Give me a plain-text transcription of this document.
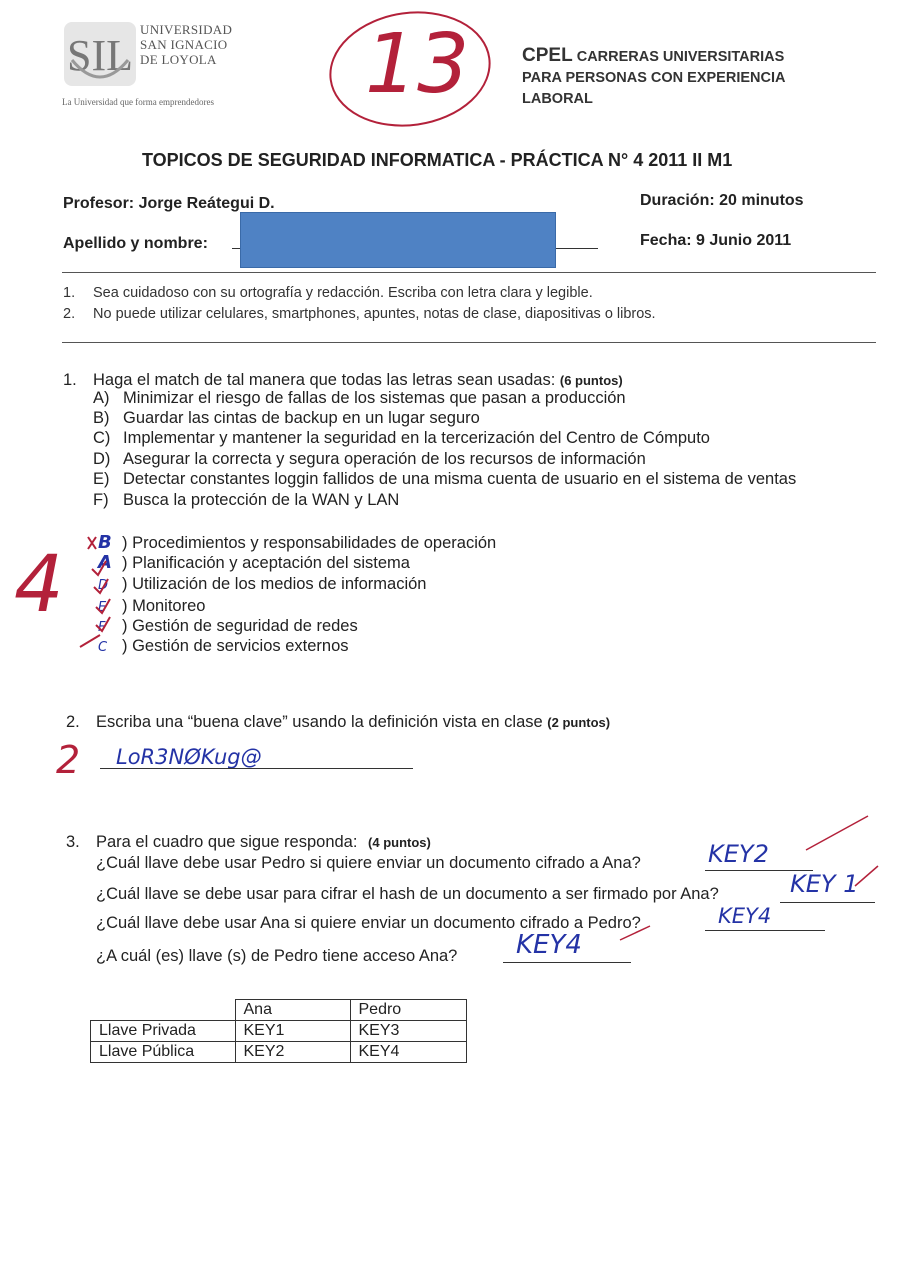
SIL
UNIVERSIDAD
SAN IGNACIO
DE LOYOLA
La Universidad que forma emprendedores 13	CPEL CARRERAS UNIVERSITARIAS
PARA PERSONAS CON EXPERIENCIA
LABORAL
TOPICOS DE SEGURIDAD INFORMATICA - PRÁCTICA N° 4 2011 II M1
Profesor: Jorge Reátegui D.	Duración: 20 minutos
Apellido y nombre:	Fecha: 9 Junio 2011
1. Sea cuidadoso con su ortografía y redacción. Escriba con letra clara y legible.
2. No puede utilizar celulares, smartphones, apuntes, notas de clase, diapositivas o libros.
1. Haga el match de tal manera que todas las letras sean usadas: (6 puntos)
A) Minimizar el riesgo de fallas de los sistemas que pasan a producción
B) Guardar las cintas de backup en un lugar seguro
C) Implementar y mantener la seguridad en la tercerización del Centro de Cómputo
D) Asegurar la correcta y segura operación de los recursos de información
E) Detectar constantes loggin fallidos de una misma cuenta de usuario en el sistema de ventas
F) Busca la protección de la WAN y LAN
B ) Procedimientos y responsabilidades de operación
A ) Planificación y aceptación del sistema
D ) Utilización de los medios de información
E ) Monitoreo
F ) Gestión de seguridad de redes
C ) Gestión de servicios externos
4
2. Escriba una “buena clave” usando la definición vista en clase (2 puntos)
2 LoR3NØKug@
3. Para el cuadro que sigue responda: (4 puntos)
¿Cuál llave debe usar Pedro si quiere enviar un documento cifrado a Ana?	KEY2
¿Cuál llave se debe usar para cifrar el hash de un documento a ser firmado por Ana?	KEY 1
¿Cuál llave debe usar Ana si quiere enviar un documento cifrado a Pedro?	KEY4
¿A cuál (es) llave (s) de Pedro tiene acceso Ana? KEY4
	Ana	Pedro
Llave Privada	KEY1	KEY3
Llave Pública	KEY2	KEY4
